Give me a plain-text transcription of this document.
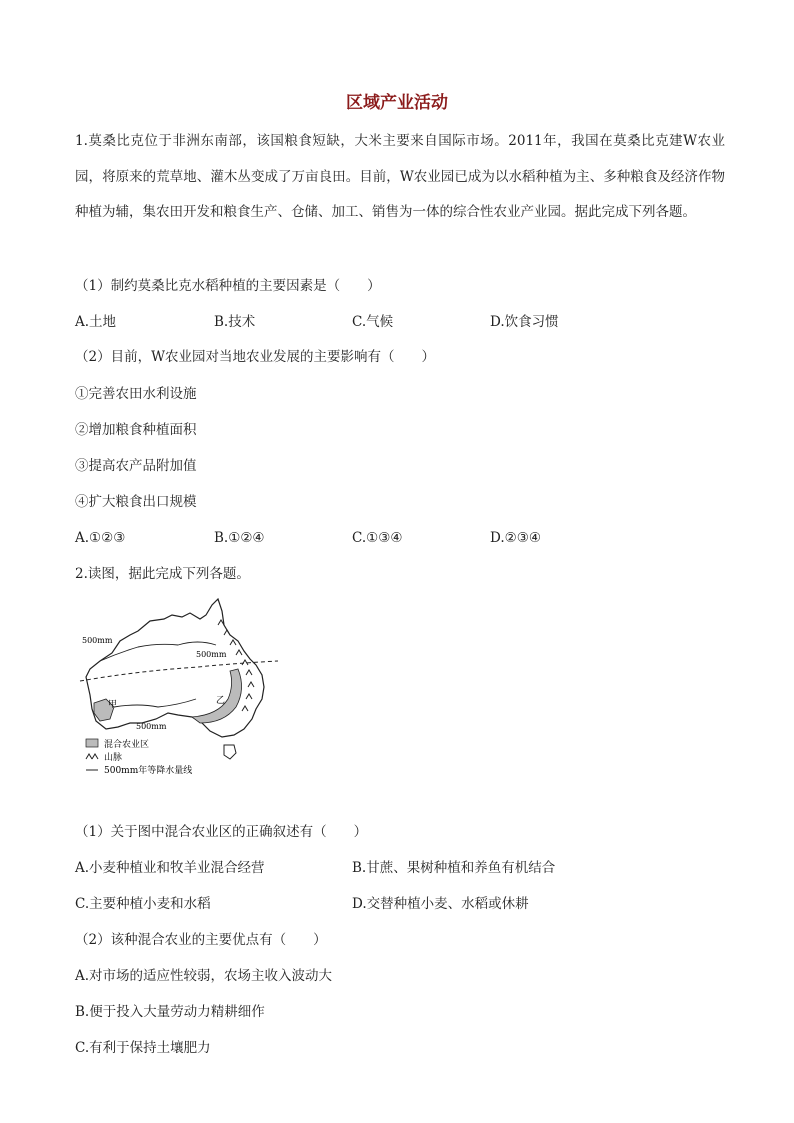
区域产业活动
1.莫桑比克位于非洲东南部，该国粮食短缺，大米主要来自国际市场。2011年，我国在莫桑比克建W农业园，将原来的荒草地、灌木丛变成了万亩良田。目前，W农业园已成为以水稻种植为主、多种粮食及经济作物种植为辅，集农田开发和粮食生产、仓储、加工、销售为一体的综合性农业产业园。据此完成下列各题。
（1）制约莫桑比克水稻种植的主要因素是（　　）
A.土地	B.技术	C.气候	D.饮食习惯
（2）目前，W农业园对当地农业发展的主要影响有（　　）
①完善农田水利设施
②增加粮食种植面积
③提高农产品附加值
④扩大粮食出口规模
A.①②③	B.①②④	C.①③④	D.②③④
2.读图，据此完成下列各题。
500mm
500mm
500mm
甲	乙
混合农业区
山脉
500mm年等降水量线
（1）关于图中混合农业区的正确叙述有（　　）
A.小麦种植业和牧羊业混合经营	B.甘蔗、果树种植和养鱼有机结合
C.主要种植小麦和水稻	D.交替种植小麦、水稻或休耕
（2）该种混合农业的主要优点有（　　）
A.对市场的适应性较弱，农场主收入波动大
B.便于投入大量劳动力精耕细作
C.有利于保持土壤肥力
